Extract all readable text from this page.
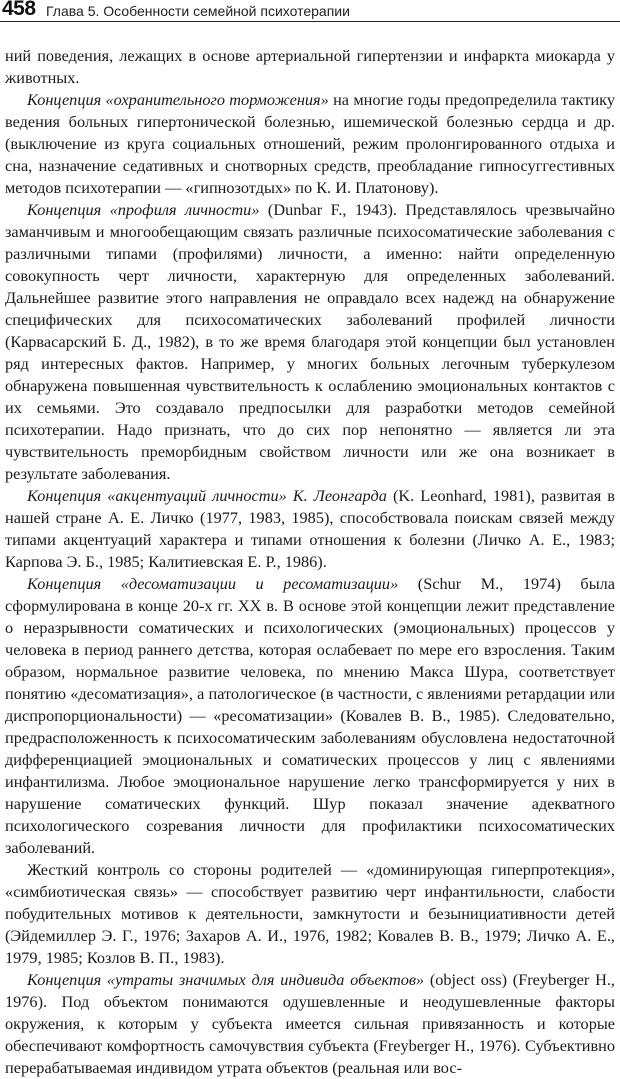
458 Глава 5. Особенности семейной психотерапии

ний поведения, лежащих в основе артериальной гипертензии и инфаркта миокарда у животных.

Концепция «охранительного торможения» на многие годы предопределила тактику ведения больных гипертонической болезнью, ишемической болезнью сердца и др. (выключение из круга социальных отношений, режим пролонгированного отдыха и сна, назначение седативных и снотворных средств, преобладание гипносуггестивных методов психотерапии — «гипнозотдых» по К. И. Платонову).

Концепция «профиля личности» (Dunbar F., 1943). Представлялось чрезвычайно заманчивым и многообещающим связать различные психосоматические заболевания с различными типами (профилями) личности, а именно: найти определенную совокупность черт личности, характерную для определенных заболеваний. Дальнейшее развитие этого направления не оправдало всех надежд на обнаружение специфических для психосоматических заболеваний профилей личности (Карвасарский Б. Д., 1982), в то же время благодаря этой концепции был установлен ряд интересных фактов. Например, у многих больных легочным туберкулезом обнаружена повышенная чувствительность к ослаблению эмоциональных контактов с их семьями. Это создавало предпосылки для разработки методов семейной психотерапии. Надо признать, что до сих пор непонятно — является ли эта чувствительность преморбидным свойством личности или же она возникает в результате заболевания.

Концепция «акцентуаций личности» К. Леонгарда (K. Leonhard, 1981), развитая в нашей стране А. Е. Личко (1977, 1983, 1985), способствовала поискам связей между типами акцентуаций характера и типами отношения к болезни (Личко А. Е., 1983; Карпова Э. Б., 1985; Калитиевская Е. Р., 1986).

Концепция «десоматизации и ресоматизации» (Schur M., 1974) была сформулирована в конце 20-х гг. XX в. В основе этой концепции лежит представление о неразрывности соматических и психологических (эмоциональных) процессов у человека в период раннего детства, которая ослабевает по мере его взросления. Таким образом, нормальное развитие человека, по мнению Макса Шура, соответствует понятию «десоматизация», а патологическое (в частности, с явлениями ретардации или диспропорциональности) — «ресоматизации» (Ковалев В. В., 1985). Следовательно, предрасположенность к психосоматическим заболеваниям обусловлена недостаточной дифференциацией эмоциональных и соматических процессов у лиц с явлениями инфантилизма. Любое эмоциональное нарушение легко трансформируется у них в нарушение соматических функций. Шур показал значение адекватного психологического созревания личности для профилактики психосоматических заболеваний.

Жесткий контроль со стороны родителей — «доминирующая гиперпротекция», «симбиотическая связь» — способствует развитию черт инфантильности, слабости побудительных мотивов к деятельности, замкнутости и безынициативности детей (Эйдемиллер Э. Г., 1976; Захаров А. И., 1976, 1982; Ковалев В. В., 1979; Личко А. Е., 1979, 1985; Козлов В. П., 1983).

Концепция «утраты значимых для индивида объектов» (object oss) (Freyberger H., 1976). Под объектом понимаются одушевленные и неодушевленные факторы окружения, к которым у субъекта имеется сильная привязанность и которые обеспечивают комфортность самочувствия субъекта (Freyberger H., 1976). Субъективно перерабатываемая индивидом утрата объектов (реальная или вос-
